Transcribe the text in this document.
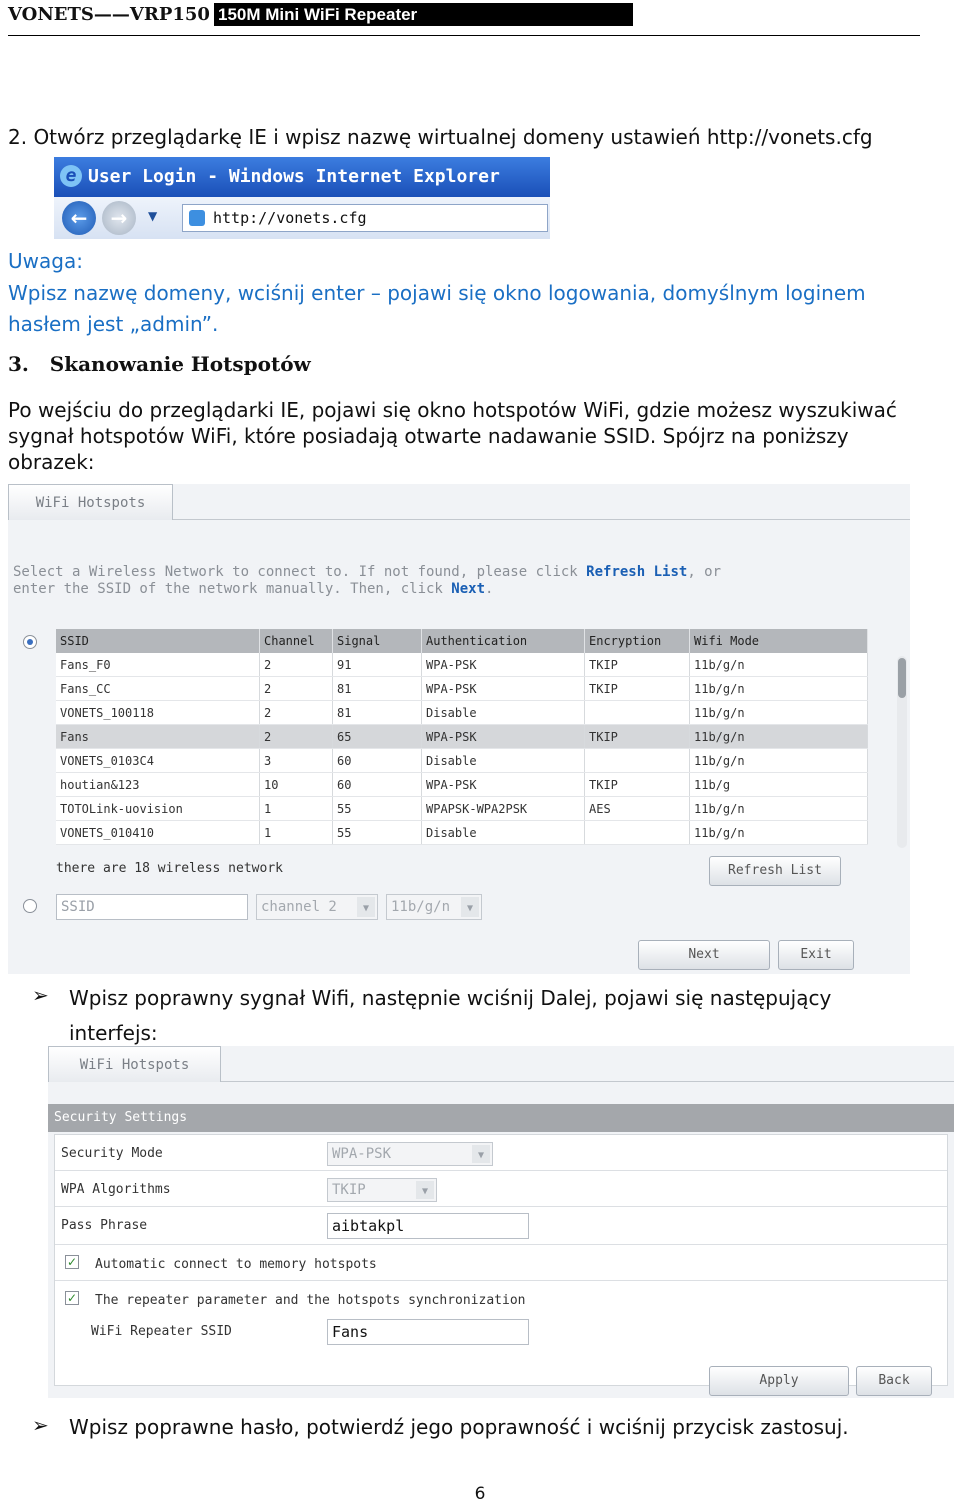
VONETS——VRP150 150M Mini WiFi Repeater
2. Otwórz przeglądarkę IE i wpisz nazwę wirtualnej domeny ustawień http://vonets.cfg
e User Login - Windows Internet Explorer
←	→	▼	http://vonets.cfg
Uwaga:
Wpisz nazwę domeny, wciśnij enter – pojawi się okno logowania, domyślnym loginem
hasłem jest „admin”.
3.   Skanowanie Hotspotów
Po wejściu do przeglądarki IE, pojawi się okno hotspotów WiFi, gdzie możesz wyszukiwać
sygnał hotspotów WiFi, które posiadają otwarte nadawanie SSID. Spójrz na poniższy
obrazek:
WiFi Hotspots
Select a Wireless Network to connect to. If not found, please click Refresh List, or
enter the SSID of the network manually. Then, click Next.
SSID	Channel	Signal	Authentication	Encryption	Wifi Mode
Fans_F0	2	91	WPA-PSK	TKIP	11b/g/n
Fans_CC	2	81	WPA-PSK	TKIP	11b/g/n
VONETS_100118	2	81	Disable		11b/g/n
Fans	2	65	WPA-PSK	TKIP	11b/g/n
VONETS_0103C4	3	60	Disable		11b/g/n
houtian&123	10	60	WPA-PSK	TKIP	11b/g
TOTOLink-uovision	1	55	WPAPSK-WPA2PSK	AES	11b/g/n
VONETS_010410	1	55	Disable		11b/g/n
there are 18 wireless network	Refresh List
SSID	channel 2	▼	11b/g/n	▼
Next	Exit
➢ Wpisz poprawny sygnał Wifi, następnie wciśnij Dalej, pojawi się następujący
interfejs:
WiFi Hotspots
Security Settings
Security Mode	WPA-PSK	▼
WPA Algorithms	TKIP	▼
Pass Phrase	aibtakpl
✓ Automatic connect to memory hotspots
✓ The repeater parameter and the hotspots synchronization
WiFi Repeater SSID	Fans
Apply	Back
➢ Wpisz poprawne hasło, potwierdź jego poprawność i wciśnij przycisk zastosuj.
6
